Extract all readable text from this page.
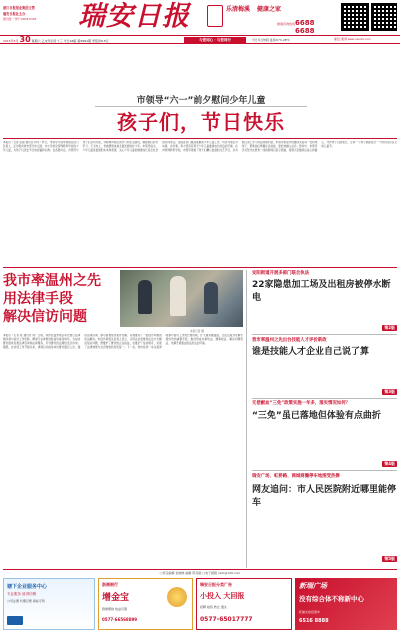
浙江日报报业集团主管
瑞安日报社主办
国内统一刊号 CN33-0103	瑞安日报	乐清梅溪 健康之家
健康咨询热线 6688 6688
2015年5月 30 星期六 乙未年四月十三 今日16版 第5961期 零售价0.5元	与您同心 · 与您同行	今日多云转阴 温度21℃-28℃	瑞安日报网 www.ruianrb.com
市领导“六一”前夕慰问少年儿童
孩子们，节日快乐
本报讯（记者 张丽 通讯员 林可）昨日，市领导分别带领相关部门负责人，走访慰问我市部分幼儿园、中小学校及特殊教育学校的少年儿童，为孩子们送去节日的祝福和礼物。在各慰问点，市领导与孩子们亲切交谈，详细询问他们的学习和生活情况，勉励他们好好学习、天天向上，争做德智体美全面发展的好少年。市领导指出，少年儿童是祖国的未来和希望，关心少年儿童的健康成长是全社会的共同责任。各级各部门要高度重视少年儿童工作，切实为他们办实事、办好事，努力营造有利于少年儿童健康成长的良好环境。在市特殊教育学校，市领导观看了孩子们精心准备的文艺节目，并为他们送上学习用品和慰问金。市领导希望学校继续关爱每一位特殊孩子，帮助他们掌握生活技能，更好地融入社会。慰问中，市领导还对坚守在教育一线的教师们表示感谢，希望大家继续以爱心和耐心，守护孩子们的成长，让每一个孩子都能度过一个快乐而有意义的儿童节。
我市率温州之先
用法律手段
解决信访问题
本报记者 摄
本报讯（记者 陈 通讯员 周）日前，我市在温州地区率先推行法律顾问参与信访工作机制，聘请专业律师进驻信访接待场所，为信访群众提供免费法律咨询和法律服务，引导群众依法理性表达诉求。据悉，自该项工作开展以来，律师们共接待来访群众数百人次，提供法律咨询，参与疑难信访案件化解，有效推动了一批信访问题的依法解决。市信访局相关负责人表示，运用法治思维和法治方式解决信访问题，既维护了群众的合法权益，也维护了信访秩序，实现了法律效果与社会效果的有机统一。下一步，我市将进一步完善律师参与信访工作的长效机制，扩大服务覆盖面，让法治成为化解矛盾纠纷的重要手段，推动形成办事依法、遇事找法、解决问题用法、化解矛盾靠法的良好法治环境。
安阳街道开展多部门联合执法
22家隐患加工场及出租房被停水断电
第2版
我市率温州之先出台技能人才评价新政
谁是技能人才企业自己说了算
第3版
无偿献血“三免”政策实施一年多，落实情况如何？
“三免”虽已落地但体验有点曲折
第4版
瑞安广场、虹桥路、商城商圈停车地图受热捧
网友追问：市人民医院附近哪里能停车
第5版
□责任编辑 金晓晓 编辑 陈丹娟 □电子邮箱 rarb@126.com
塘下企业服务中心
专业服务 值得信赖
公司注册·代理记账·商标专利
浙商银行
增金宝
稳健理财 收益可观
0577-66568899
瑞安日报分类广告
小投入 大回报
招聘 租售 转让 遗失
0577-65017777
新瑞广场
没有综合体不称新中心
旺铺火热招商中
6516 8888
